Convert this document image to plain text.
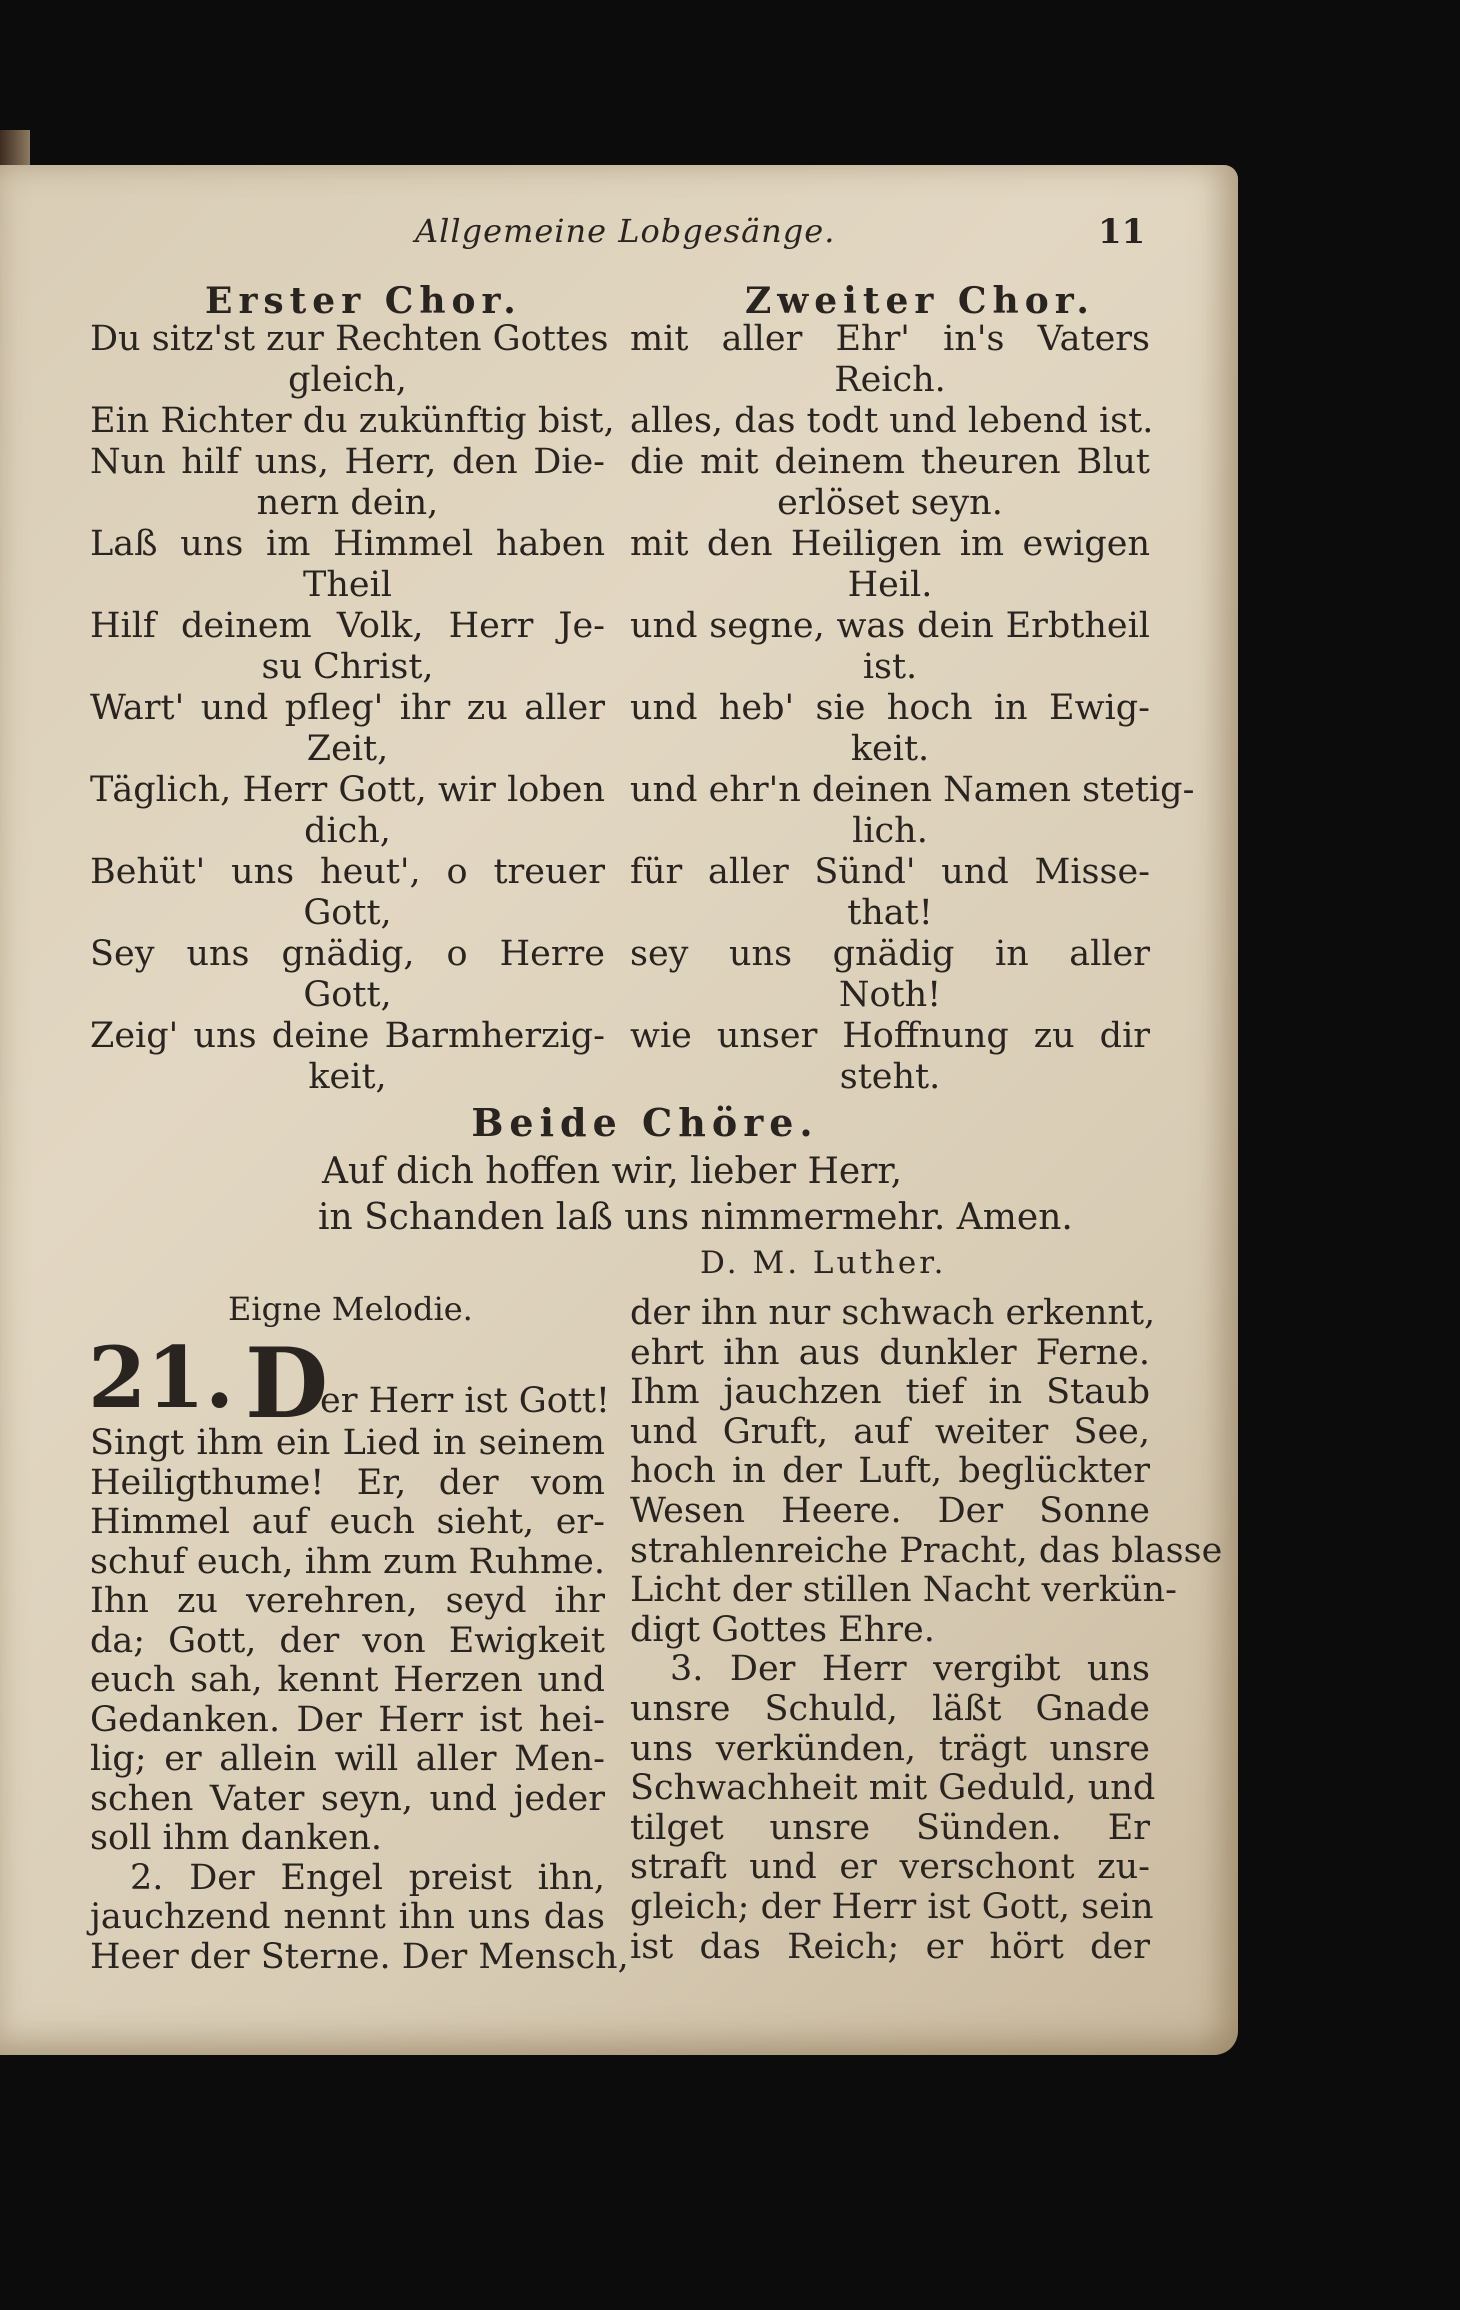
Allgemeine Lobgesänge.	11
Erster Chor.	Zweiter Chor.
Du sitz'st zur Rechten Gottes
gleich,
Ein Richter du zukünftig bist,
Nun hilf uns, Herr, den Die-
nern dein,
Laß uns im Himmel haben
Theil
Hilf deinem Volk, Herr Je-
su Christ,
Wart' und pfleg' ihr zu aller
Zeit,
Täglich, Herr Gott, wir loben
dich,
Behüt' uns heut', o treuer
Gott,
Sey uns gnädig, o Herre
Gott,
Zeig' uns deine Barmherzig-
keit,
mit aller Ehr' in's Vaters
Reich.
alles, das todt und lebend ist.
die mit deinem theuren Blut
erlöset seyn.
mit den Heiligen im ewigen
Heil.
und segne, was dein Erbtheil
ist.
und heb' sie hoch in Ewig-
keit.
und ehr'n deinen Namen stetig-
lich.
für aller Sünd' und Misse-
that!
sey uns gnädig in aller
Noth!
wie unser Hoffnung zu dir
steht.
Beide Chöre.
Auf dich hoffen wir, lieber Herr,
in Schanden laß uns nimmermehr. Amen.
D. M. Luther.
Eigne Melodie.
21. D
er Herr ist Gott!
Singt ihm ein Lied in seinem
Heiligthume! Er, der vom
Himmel auf euch sieht, er-
schuf euch, ihm zum Ruhme.
Ihn zu verehren, seyd ihr
da; Gott, der von Ewigkeit
euch sah, kennt Herzen und
Gedanken. Der Herr ist hei-
lig; er allein will aller Men-
schen Vater seyn, und jeder
soll ihm danken.
2. Der Engel preist ihn,
jauchzend nennt ihn uns das
Heer der Sterne. Der Mensch,
der ihn nur schwach erkennt,
ehrt ihn aus dunkler Ferne.
Ihm jauchzen tief in Staub
und Gruft, auf weiter See,
hoch in der Luft, beglückter
Wesen Heere. Der Sonne
strahlenreiche Pracht, das blasse
Licht der stillen Nacht verkün-
digt Gottes Ehre.
3. Der Herr vergibt uns
unsre Schuld, läßt Gnade
uns verkünden, trägt unsre
Schwachheit mit Geduld, und
tilget unsre Sünden. Er
straft und er verschont zu-
gleich; der Herr ist Gott, sein
ist das Reich; er hört der
